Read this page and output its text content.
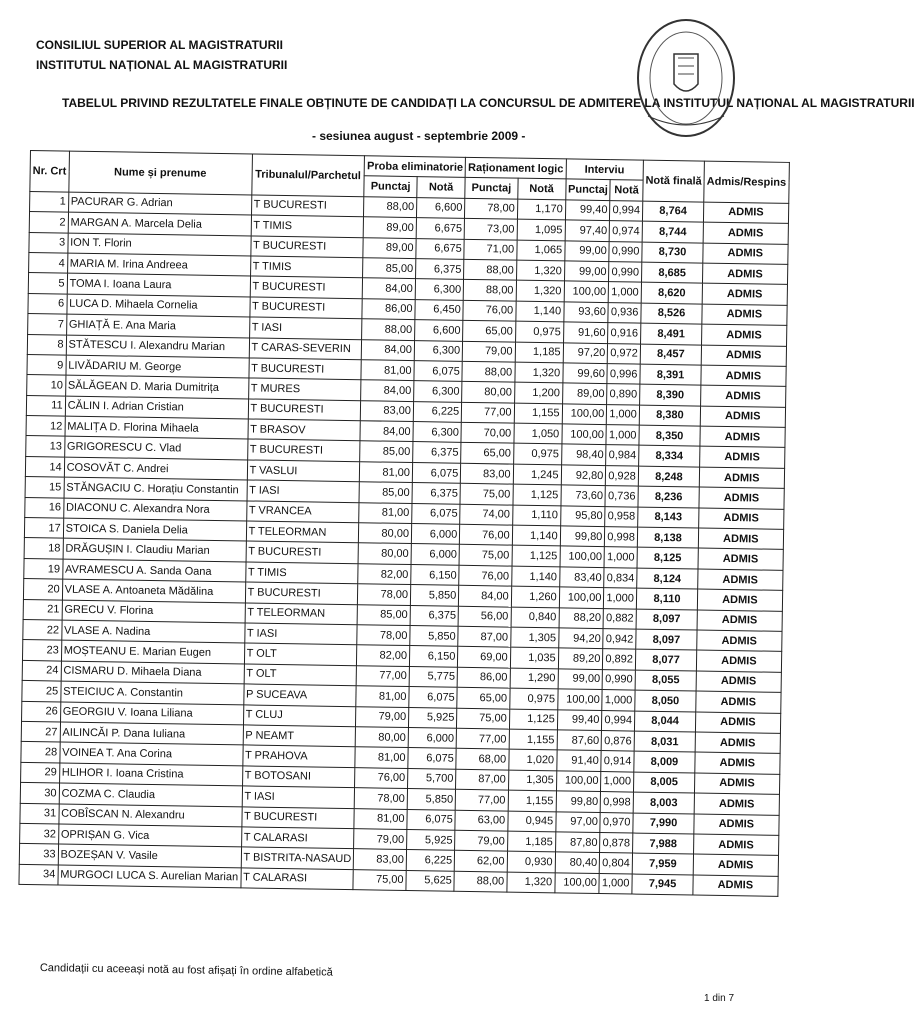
CONSILIUL SUPERIOR AL MAGISTRATURII
INSTITUTUL NAȚIONAL AL MAGISTRATURII
TABELUL PRIVIND REZULTATELE FINALE OBȚINUTE DE CANDIDAȚI LA CONCURSUL DE ADMITERE LA INSTITUTUL NAȚIONAL AL MAGISTRATURII
- sesiunea august - septembrie 2009 -
Nr. Crt	Nume și prenume	Tribunalul/Parchetul	Proba eliminatorie		Raționament logic		Interviu		Notă finală	Admis/Respins
			Punctaj	Notă	Punctaj	Notă	Punctaj	Notă		
1	PACURAR G. Adrian	T BUCURESTI	88,00	6,600	78,00	1,170	99,40	0,994	8,764	ADMIS
2	MARGAN A. Marcela Delia	T TIMIS	89,00	6,675	73,00	1,095	97,40	0,974	8,744	ADMIS
3	ION T. Florin	T BUCURESTI	89,00	6,675	71,00	1,065	99,00	0,990	8,730	ADMIS
4	MARIA M. Irina Andreea	T TIMIS	85,00	6,375	88,00	1,320	99,00	0,990	8,685	ADMIS
5	TOMA I. Ioana Laura	T BUCURESTI	84,00	6,300	88,00	1,320	100,00	1,000	8,620	ADMIS
6	LUCA D. Mihaela Cornelia	T BUCURESTI	86,00	6,450	76,00	1,140	93,60	0,936	8,526	ADMIS
7	GHIAȚĂ E. Ana Maria	T IASI	88,00	6,600	65,00	0,975	91,60	0,916	8,491	ADMIS
8	STĂTESCU I. Alexandru Marian	T CARAS-SEVERIN	84,00	6,300	79,00	1,185	97,20	0,972	8,457	ADMIS
9	LIVĂDARIU M. George	T BUCURESTI	81,00	6,075	88,00	1,320	99,60	0,996	8,391	ADMIS
10	SĂLĂGEAN D. Maria Dumitrița	T MURES	84,00	6,300	80,00	1,200	89,00	0,890	8,390	ADMIS
11	CĂLIN I. Adrian Cristian	T BUCURESTI	83,00	6,225	77,00	1,155	100,00	1,000	8,380	ADMIS
12	MALIȚA D. Florina Mihaela	T BRASOV	84,00	6,300	70,00	1,050	100,00	1,000	8,350	ADMIS
13	GRIGORESCU C. Vlad	T BUCURESTI	85,00	6,375	65,00	0,975	98,40	0,984	8,334	ADMIS
14	COSOVĂT C. Andrei	T VASLUI	81,00	6,075	83,00	1,245	92,80	0,928	8,248	ADMIS
15	STĂNGACIU C. Horațiu Constantin	T IASI	85,00	6,375	75,00	1,125	73,60	0,736	8,236	ADMIS
16	DIACONU C. Alexandra Nora	T VRANCEA	81,00	6,075	74,00	1,110	95,80	0,958	8,143	ADMIS
17	STOICA S. Daniela Delia	T TELEORMAN	80,00	6,000	76,00	1,140	99,80	0,998	8,138	ADMIS
18	DRĂGUȘIN I. Claudiu Marian	T BUCURESTI	80,00	6,000	75,00	1,125	100,00	1,000	8,125	ADMIS
19	AVRAMESCU A. Sanda Oana	T TIMIS	82,00	6,150	76,00	1,140	83,40	0,834	8,124	ADMIS
20	VLASE A. Antoaneta Mădălina	T BUCURESTI	78,00	5,850	84,00	1,260	100,00	1,000	8,110	ADMIS
21	GRECU V. Florina	T TELEORMAN	85,00	6,375	56,00	0,840	88,20	0,882	8,097	ADMIS
22	VLASE A. Nadina	T IASI	78,00	5,850	87,00	1,305	94,20	0,942	8,097	ADMIS
23	MOȘTEANU E. Marian Eugen	T OLT	82,00	6,150	69,00	1,035	89,20	0,892	8,077	ADMIS
24	CISMARU D. Mihaela Diana	T OLT	77,00	5,775	86,00	1,290	99,00	0,990	8,055	ADMIS
25	STEICIUC A. Constantin	P SUCEAVA	81,00	6,075	65,00	0,975	100,00	1,000	8,050	ADMIS
26	GEORGIU V. Ioana Liliana	T CLUJ	79,00	5,925	75,00	1,125	99,40	0,994	8,044	ADMIS
27	AILINCĂI P. Dana Iuliana	P NEAMT	80,00	6,000	77,00	1,155	87,60	0,876	8,031	ADMIS
28	VOINEA T. Ana Corina	T PRAHOVA	81,00	6,075	68,00	1,020	91,40	0,914	8,009	ADMIS
29	HLIHOR I. Ioana Cristina	T BOTOSANI	76,00	5,700	87,00	1,305	100,00	1,000	8,005	ADMIS
30	COZMA C. Claudia	T IASI	78,00	5,850	77,00	1,155	99,80	0,998	8,003	ADMIS
31	COBÎSCAN N. Alexandru	T BUCURESTI	81,00	6,075	63,00	0,945	97,00	0,970	7,990	ADMIS
32	OPRIȘAN G. Vica	T CALARASI	79,00	5,925	79,00	1,185	87,80	0,878	7,988	ADMIS
33	BOZEȘAN V. Vasile	T BISTRITA-NASAUD	83,00	6,225	62,00	0,930	80,40	0,804	7,959	ADMIS
34	MURGOCI LUCA S. Aurelian Marian	T CALARASI	75,00	5,625	88,00	1,320	100,00	1,000	7,945	ADMIS
Candidații cu aceeași notă au fost afișați în ordine alfabetică
1 din 7
